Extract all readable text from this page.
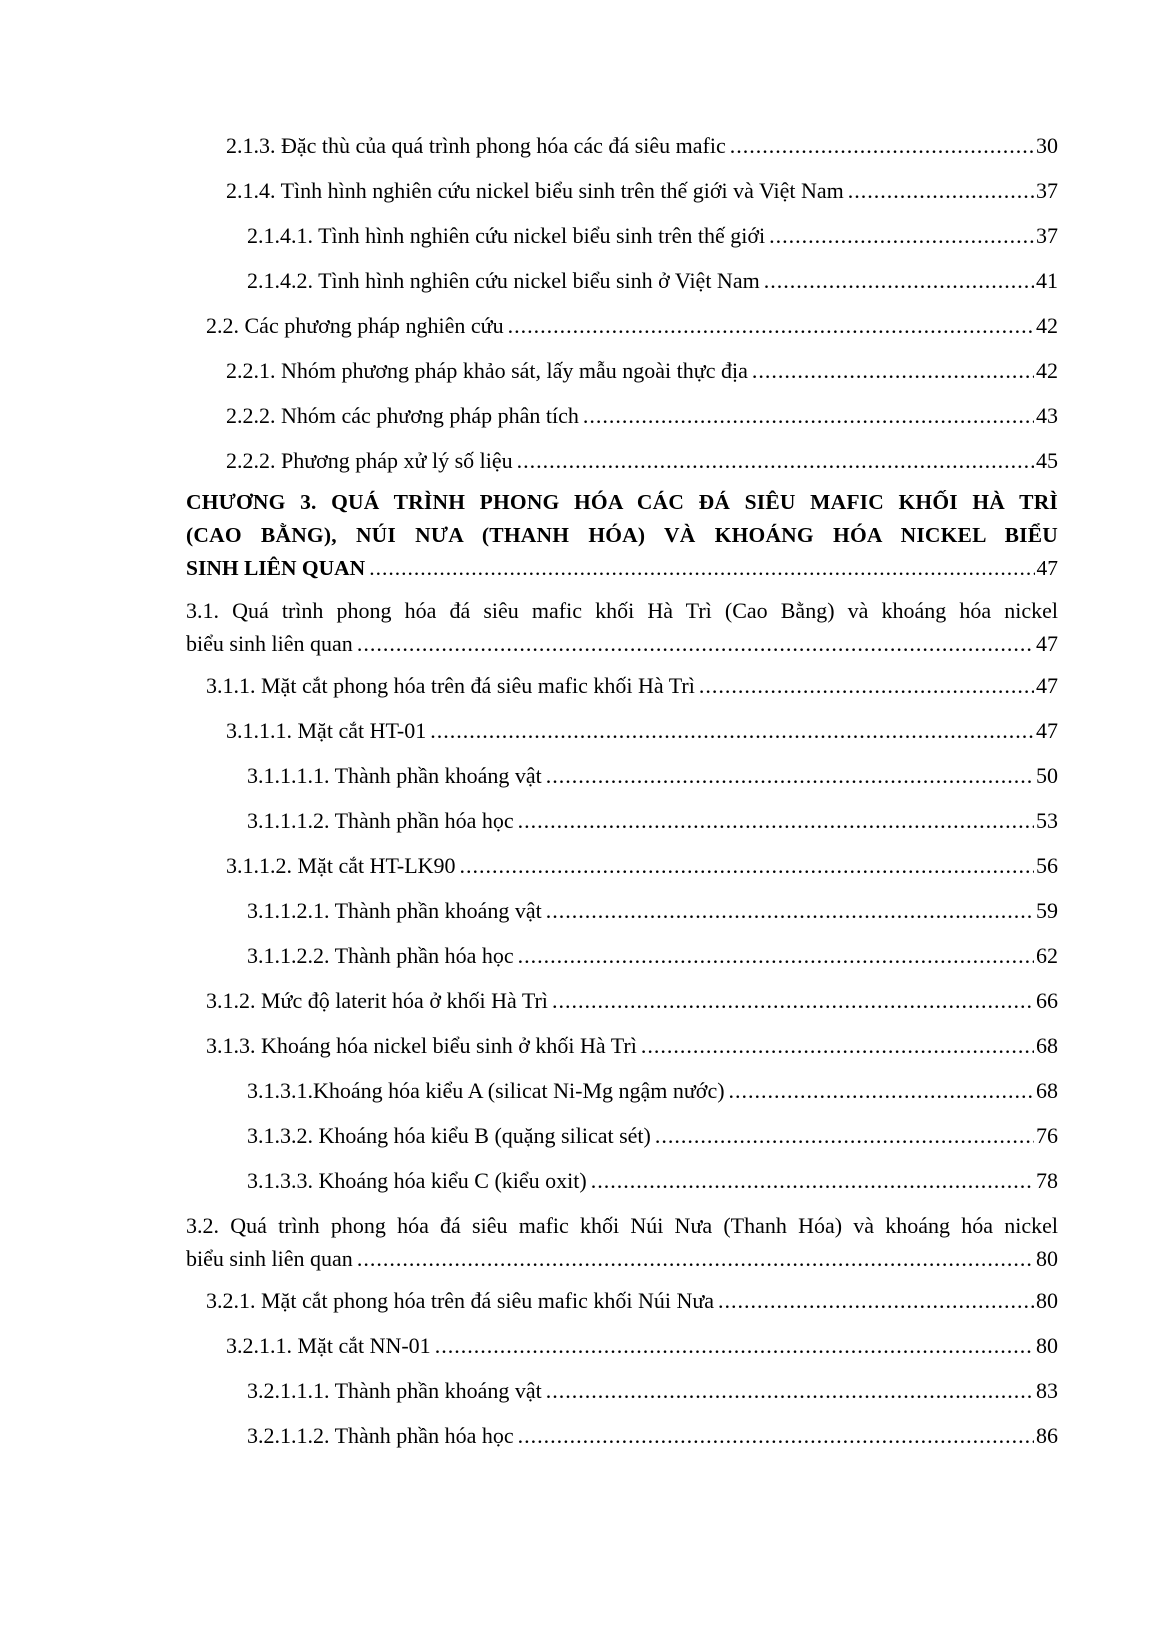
2.1.3. Đặc thù của quá trình phong hóa các đá siêu mafic .....	30
2.1.4. Tình hình nghiên cứu nickel biểu sinh trên thế giới và Việt Nam .....	37
2.1.4.1. Tình hình nghiên cứu nickel biểu sinh trên thế giới .....	37
2.1.4.2. Tình hình nghiên cứu nickel biểu sinh ở Việt Nam .....	41
2.2. Các phương pháp nghiên cứu .....	42
2.2.1. Nhóm phương pháp khảo sát, lấy mẫu ngoài thực địa .....	42
2.2.2. Nhóm các phương pháp phân tích .....	43
2.2.2. Phương pháp xử lý số liệu .....	45
CHƯƠNG 3. QUÁ TRÌNH PHONG HÓA CÁC ĐÁ SIÊU MAFIC KHỐI HÀ TRÌ
(CAO BẰNG), NÚI NƯA (THANH HÓA) VÀ KHOÁNG HÓA NICKEL BIỂU
SINH LIÊN QUAN .....	47
3.1. Quá trình phong hóa đá siêu mafic khối Hà Trì (Cao Bằng) và khoáng hóa nickel
biểu sinh liên quan .....	47
3.1.1. Mặt cắt phong hóa trên đá siêu mafic khối Hà Trì .....	47
3.1.1.1. Mặt cắt HT-01 .....	47
3.1.1.1.1. Thành phần khoáng vật .....	50
3.1.1.1.2. Thành phần hóa học .....	53
3.1.1.2. Mặt cắt HT-LK90 .....	56
3.1.1.2.1. Thành phần khoáng vật .....	59
3.1.1.2.2. Thành phần hóa học .....	62
3.1.2. Mức độ laterit hóa ở khối Hà Trì .....	66
3.1.3. Khoáng hóa nickel biểu sinh ở khối Hà Trì .....	68
3.1.3.1.Khoáng hóa kiểu A (silicat Ni-Mg ngậm nước) .....	68
3.1.3.2. Khoáng hóa kiểu B (quặng silicat sét) .....	76
3.1.3.3. Khoáng hóa kiểu C (kiểu oxit) .....	78
3.2. Quá trình phong hóa đá siêu mafic khối Núi Nưa (Thanh Hóa) và khoáng hóa nickel
biểu sinh liên quan .....	80
3.2.1. Mặt cắt phong hóa trên đá siêu mafic khối Núi Nưa .....	80
3.2.1.1. Mặt cắt NN-01 .....	80
3.2.1.1.1. Thành phần khoáng vật .....	83
3.2.1.1.2. Thành phần hóa học .....	86
